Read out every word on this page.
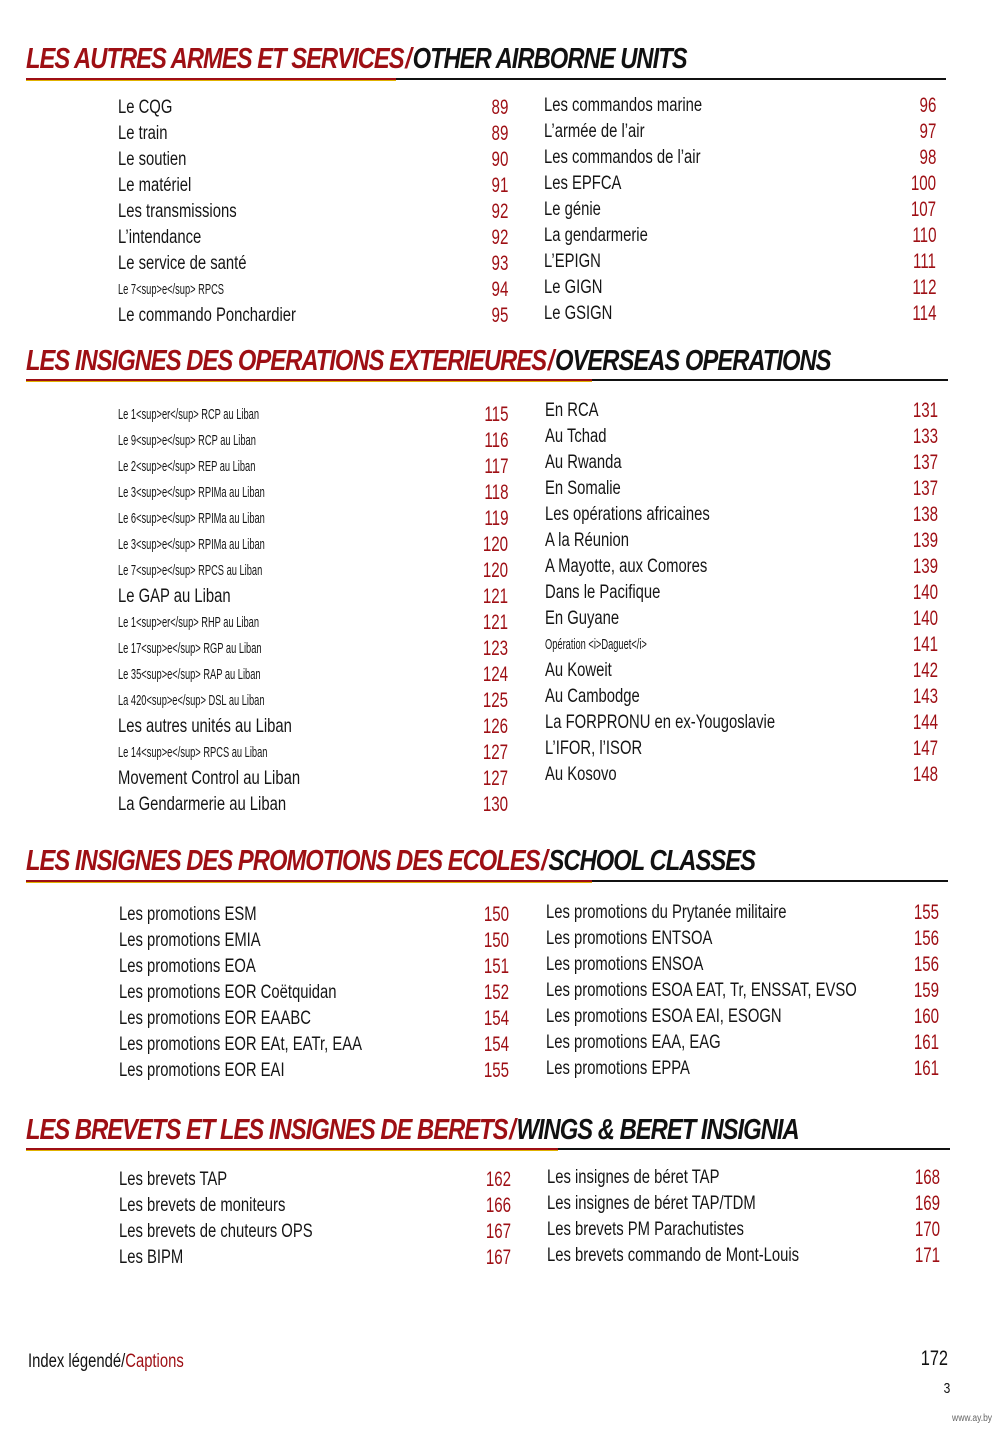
LES AUTRES ARMES ET SERVICES / OTHER AIRBORNE UNITS
Le CQG	89
Le train	89
Le soutien	90
Le matériel	91
Les transmissions	92
L’intendance	92
Le service de santé	93
Le 7<sup>e</sup> RPCS	94
Le commando Ponchardier	95
Les commandos marine	96
L’armée de l’air	97
Les commandos de l’air	98
Les EPFCA	100
Le génie	107
La gendarmerie	110
L’EPIGN	111
Le GIGN	112
Le GSIGN	114
LES INSIGNES DES OPERATIONS EXTERIEURES / OVERSEAS OPERATIONS
Le 1<sup>er</sup> RCP au Liban	115
Le 9<sup>e</sup> RCP au Liban	116
Le 2<sup>e</sup> REP au Liban	117
Le 3<sup>e</sup> RPIMa au Liban	118
Le 6<sup>e</sup> RPIMa au Liban	119
Le 3<sup>e</sup> RPIMa au Liban	120
Le 7<sup>e</sup> RPCS au Liban	120
Le GAP au Liban	121
Le 1<sup>er</sup> RHP au Liban	121
Le 17<sup>e</sup> RGP au Liban	123
Le 35<sup>e</sup> RAP au Liban	124
La 420<sup>e</sup> DSL au Liban	125
Les autres unités au Liban	126
Le 14<sup>e</sup> RPCS au Liban	127
Movement Control au Liban	127
La Gendarmerie au Liban	130
En RCA	131
Au Tchad	133
Au Rwanda	137
En Somalie	137
Les opérations africaines	138
A la Réunion	139
A Mayotte, aux Comores	139
Dans le Pacifique	140
En Guyane	140
Opération <i>Daguet</i>	141
Au Koweit	142
Au Cambodge	143
La FORPRONU en ex-Yougoslavie	144
L’IFOR, l’ISOR	147
Au Kosovo	148
LES INSIGNES DES PROMOTIONS DES ECOLES / SCHOOL CLASSES
Les promotions ESM	150
Les promotions EMIA	150
Les promotions EOA	151
Les promotions EOR Coëtquidan	152
Les promotions EOR EAABC	154
Les promotions EOR EAt, EATr, EAA	154
Les promotions EOR EAI	155
Les promotions du Prytanée militaire	155
Les promotions ENTSOA	156
Les promotions ENSOA	156
Les promotions ESOA EAT, Tr, ENSSAT, EVSO	159
Les promotions ESOA EAI, ESOGN	160
Les promotions EAA, EAG	161
Les promotions EPPA	161
LES BREVETS ET LES INSIGNES DE BERETS / WINGS & BERET INSIGNIA
Les brevets TAP	162
Les brevets de moniteurs	166
Les brevets de chuteurs OPS	167
Les BIPM	167
Les insignes de béret TAP	168
Les insignes de béret TAP/TDM	169
Les brevets PM Parachutistes	170
Les brevets commando de Mont-Louis	171
Index légendé/Captions	172
3
www.ay.by
